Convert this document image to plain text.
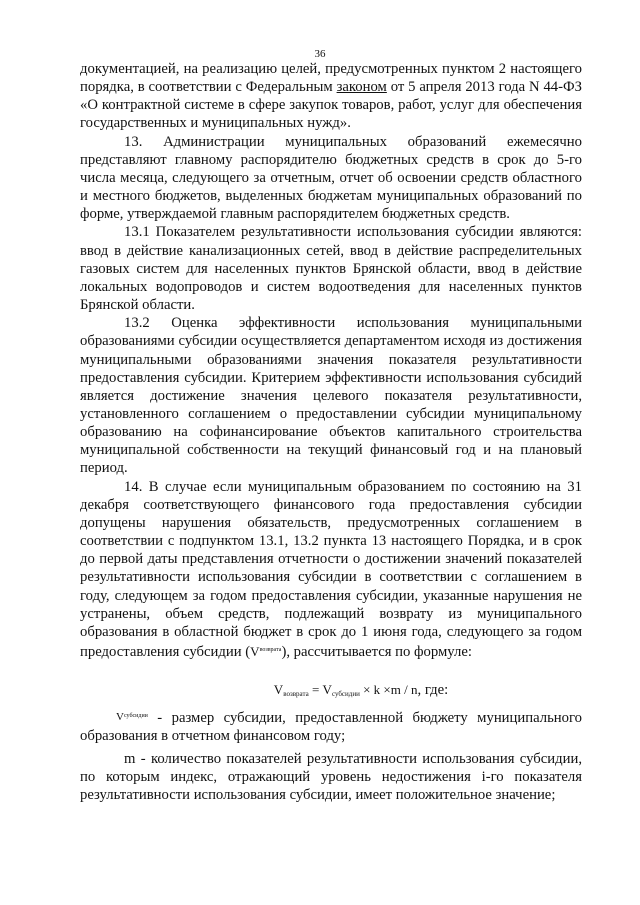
36

документацией, на реализацию целей, предусмотренных пунктом 2 настоящего порядка, в соответствии с Федеральным законом от 5 апреля 2013 года N 44-ФЗ «О контрактной системе в сфере закупок товаров, работ, услуг для обеспечения государственных и муниципальных нужд».

13. Администрации муниципальных образований ежемесячно представляют главному распорядителю бюджетных средств в срок до 5-го числа месяца, следующего за отчетным, отчет об освоении средств областного и местного бюджетов, выделенных бюджетам муниципальных образований по форме, утверждаемой главным распорядителем бюджетных средств.

13.1 Показателем результативности использования субсидии являются: ввод в действие канализационных сетей, ввод в действие распределительных газовых систем для населенных пунктов Брянской области, ввод в действие локальных водопроводов и систем водоотведения для населенных пунктов Брянской области.

13.2 Оценка эффективности использования муниципальными образованиями субсидии осуществляется департаментом исходя из достижения муниципальными образованиями значения показателя результативности предоставления субсидии. Критерием эффективности использования субсидий является достижение значения целевого показателя результативности, установленного соглашением о предоставлении субсидии муниципальному образованию на софинансирование объектов капитального строительства муниципальной собственности на текущий финансовый год и на плановый период.

14. В случае если муниципальным образованием по состоянию на 31 декабря соответствующего финансового года предоставления субсидии допущены нарушения обязательств, предусмотренных соглашением в соответствии с подпунктом 13.1, 13.2 пункта 13 настоящего Порядка, и в срок до первой даты представления отчетности о достижении значений показателей результативности использования субсидии в соответствии с соглашением в году, следующем за годом предоставления субсидии, указанные нарушения не устранены, объем средств, подлежащий возврату из муниципального образования в областной бюджет в срок до 1 июня года, следующего за годом предоставления субсидии $(V^{возврата})$, рассчитывается по формуле:

$V_{возврата} = V_{субсидии} \times k \times m / n$, где:

$V^{субсидии}$ - размер субсидии, предоставленной бюджету муниципального образования в отчетном финансовом году;

m - количество показателей результативности использования субсидии, по которым индекс, отражающий уровень недостижения i-го показателя результативности использования субсидии, имеет положительное значение;
